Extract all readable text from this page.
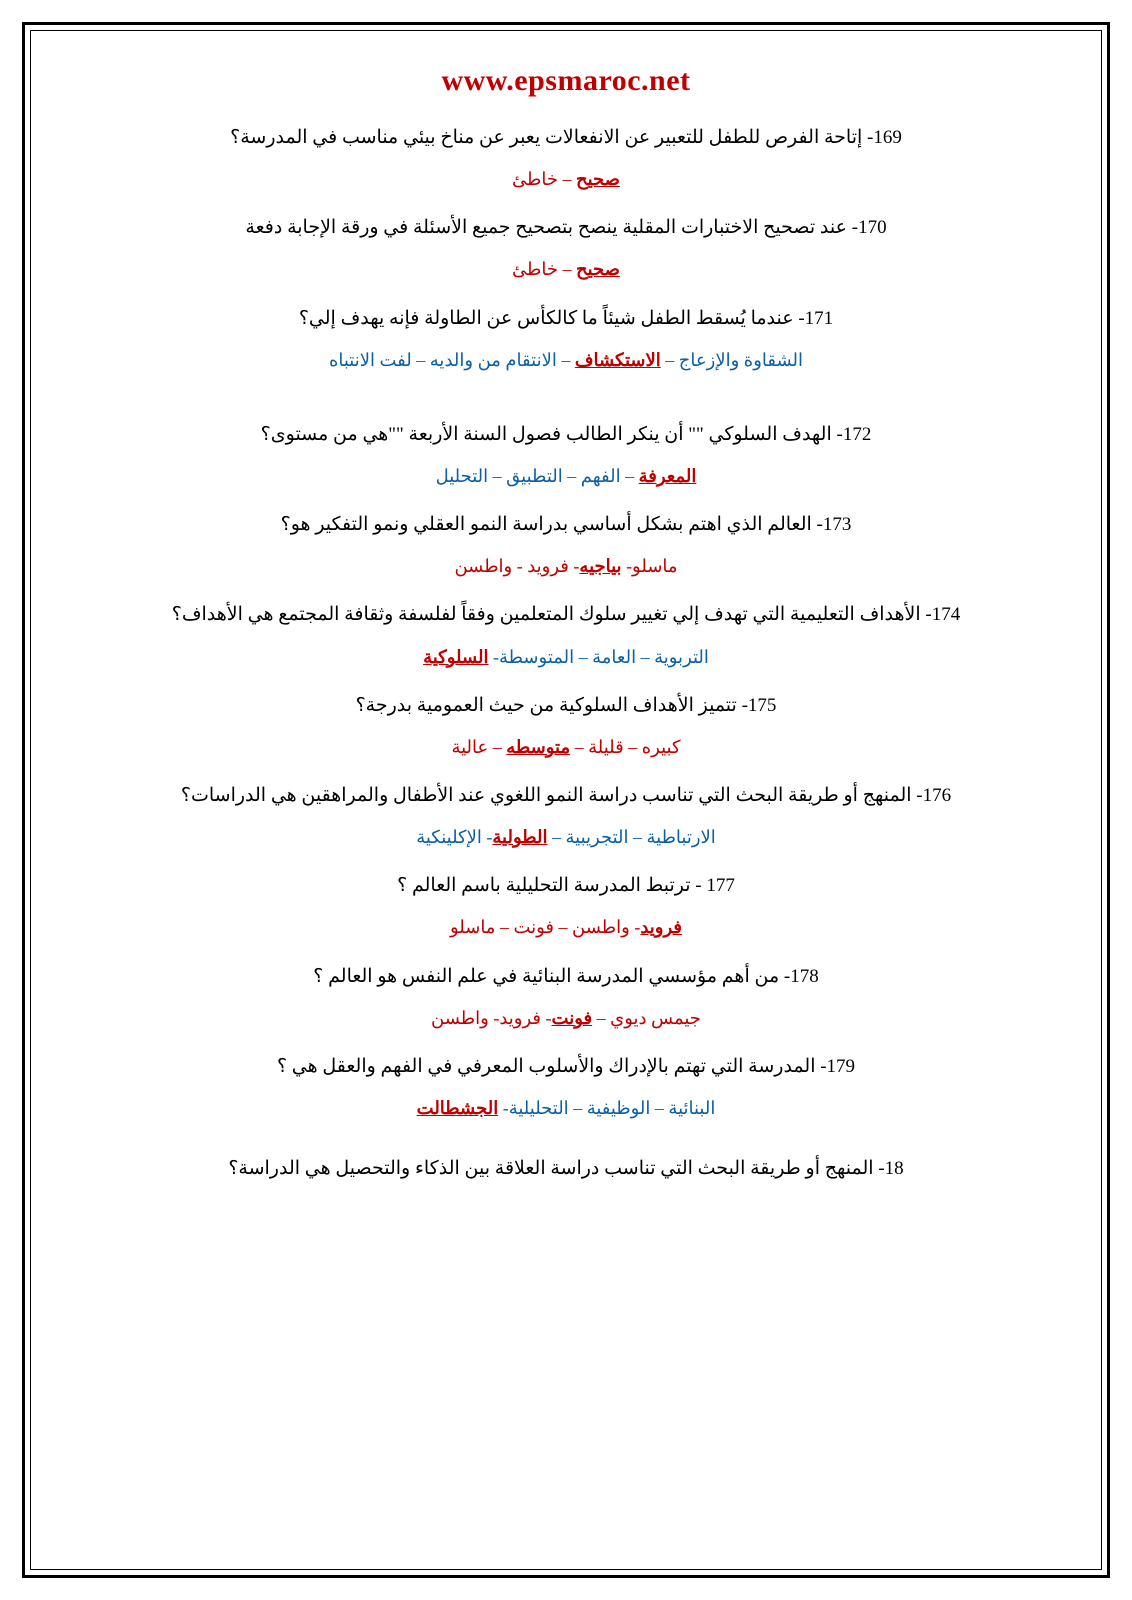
www.epsmaroc.net
169- إتاحة الفرص للطفل للتعبير عن الانفعالات يعبر عن مناخ بيئي مناسب في المدرسة؟
صحيح – خاطئ
170- عند تصحيح الاختبارات المقلية ينصح بتصحيح جميع الأسئلة في ورقة الإجابة دفعة
صحيح – خاطئ
171- عندما يُسقط الطفل شيئاً ما كالكأس عن الطاولة فإنه يهدف إلي؟
الشقاوة والإزعاج – الاستكشاف – الانتقام من والديه – لفت الانتباه
172- الهدف السلوكي "" أن ينكر الطالب فصول السنة الأربعة ""هي من مستوى؟
المعرفة – الفهم – التطبيق – التحليل
173- العالم الذي اهتم بشكل أساسي بدراسة النمو العقلي ونمو التفكير هو؟
ماسلو- بياجيه- فرويد - واطسن
174- الأهداف التعليمية التي تهدف إلي تغيير سلوك المتعلمين وفقاً لفلسفة وثقافة المجتمع هي الأهداف؟
التربوية – العامة – المتوسطة- السلوكية
175- تتميز الأهداف السلوكية من حيث العمومية بدرجة؟
كبيره – قليلة – متوسطه – عالية
176- المنهج أو طريقة البحث التي تناسب دراسة النمو اللغوي عند الأطفال والمراهقين هي الدراسات؟
الارتباطية – التجريبية – الطولية- الإكلينكية
177 - ترتبط المدرسة التحليلية باسم العالم ؟
فرويد- واطسن – فونت – ماسلو
178- من أهم مؤسسي المدرسة البنائية في علم النفس هو العالم ؟
جيمس ديوي – فونت- فرويد- واطسن
179- المدرسة التي تهتم بالإدراك والأسلوب المعرفي في الفهم والعقل هي ؟
البنائية – الوظيفية – التحليلية- الجشطالت
18- المنهج أو طريقة البحث التي تناسب دراسة العلاقة بين الذكاء والتحصيل هي الدراسة؟
